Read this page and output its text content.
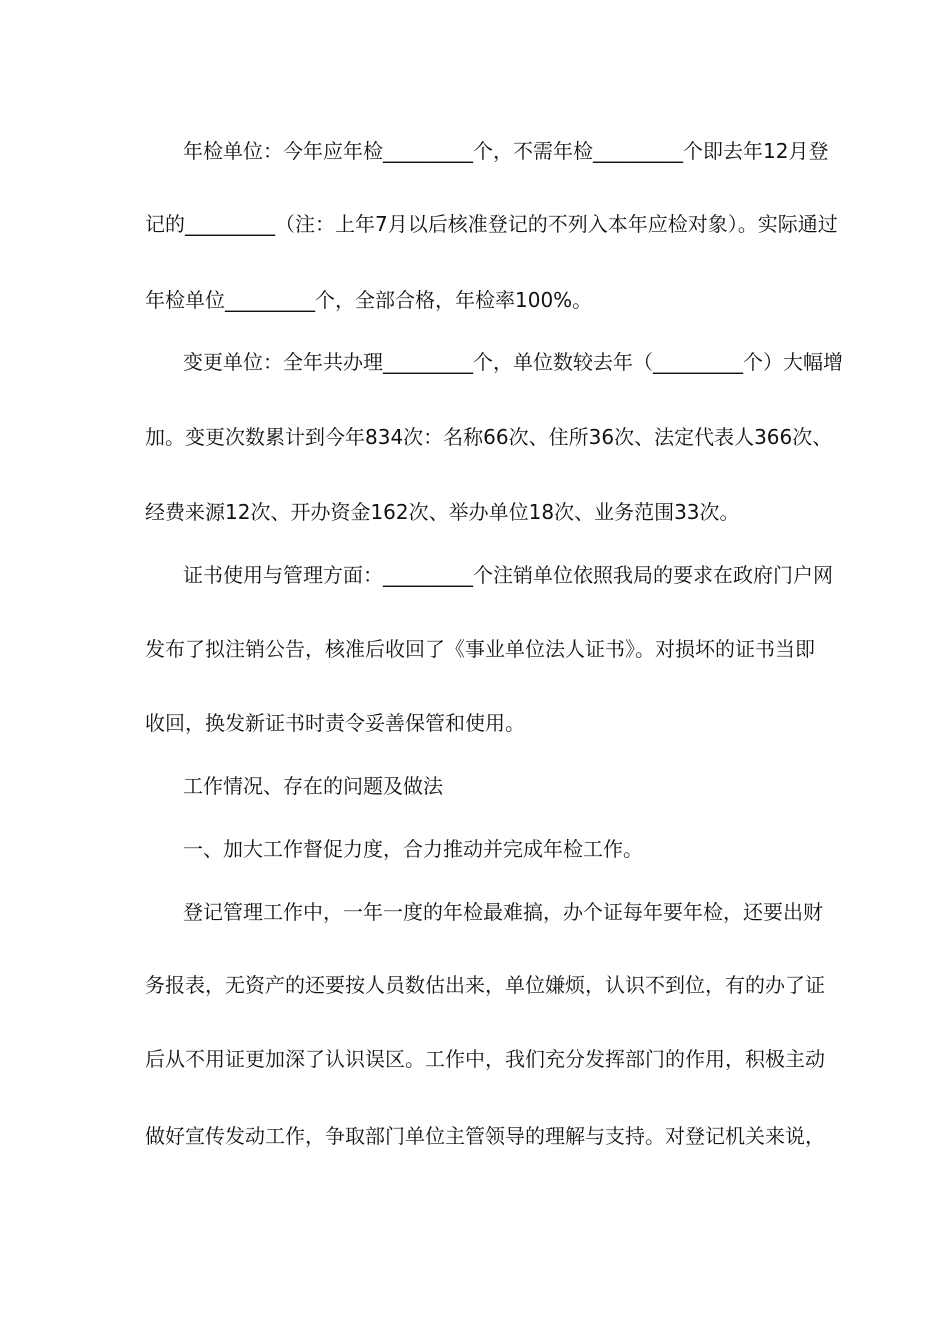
年检单位：今年应年检_________个，不需年检_________个即去年12月登
记的_________（注：上年7月以后核准登记的不列入本年应检对象）。实际通过
年检单位_________个，全部合格，年检率100%。
变更单位：全年共办理_________个，单位数较去年（_________个）大幅增
加。变更次数累计到今年834次：名称66次、住所36次、法定代表人366次、
经费来源12次、开办资金162次、举办单位18次、业务范围33次。
证书使用与管理方面：_________个注销单位依照我局的要求在政府门户网
发布了拟注销公告，核准后收回了《事业单位法人证书》。对损坏的证书当即
收回，换发新证书时责令妥善保管和使用。
工作情况、存在的问题及做法
一、加大工作督促力度，合力推动并完成年检工作。
登记管理工作中，一年一度的年检最难搞，办个证每年要年检，还要出财
务报表，无资产的还要按人员数估出来，单位嫌烦，认识不到位，有的办了证
后从不用证更加深了认识误区。工作中，我们充分发挥部门的作用，积极主动
做好宣传发动工作，争取部门单位主管领导的理解与支持。对登记机关来说，
